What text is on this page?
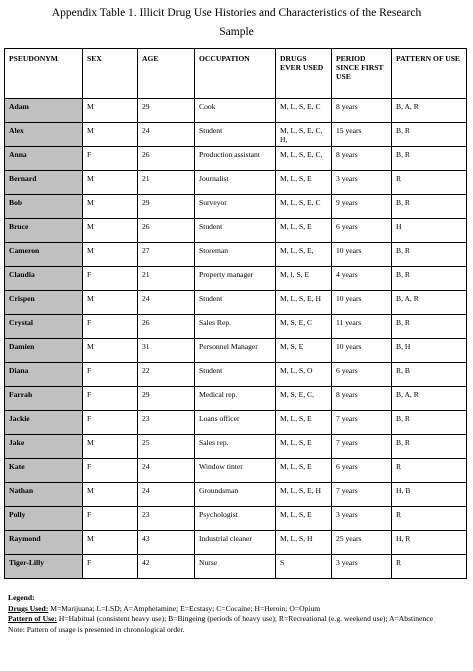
Appendix Table 1. Illicit Drug Use Histories and Characteristics of the Research
Sample
PSEUDONYM	SEX	AGE	OCCUPATION	DRUGS EVER USED	PERIOD SINCE FIRST USE	PATTERN OF USE
Adam	M	29	Cook	M, L, S, E, C	8 years	B, A, R
Alex	M	24	Student	M, L, S, E, C, H,	15 years	B, R
Anna	F	26	Production assistant	M, L, S, E, C,	8 years	B, R
Bernard	M	21	Journalist	M, L, S, E	3 years	R
Bob	M	29	Surveyor	M, L, S, E, C	9 years	B, R
Bruce	M	26	Student	M, L, S, E	6 years	H
Cameron	M	27	Storeman	M, L, S, E,	10 years	B, R
Claudia	F	21	Property manager	M, l, S, E	4 years	B, R
Crispen	M	24	Student	M, L, S, E, H	10 years	B, A, R
Crystal	F	26	Sales Rep.	M, S, E, C	11 years	B, R
Damien	M	31	Personnel Manager	M, S, E	10 years	B, H
Diana	F	22	Student	M, L, S, O	6 years	R, B
Farrah	F	29	Medical rep.	M, S, E, C,	8 years	B, A, R
Jackie	F	23	Loans officer	M, L, S, E	7 years	B, R
Jake	M	25	Sales rep.	M, L, S, E	7 years	B, R
Kate	F	24	Window tinter	M, L, S, E	6 years	R
Nathan	M	24	Groundsman	M, L, S, E, H	7 years	H, B
Polly	F	23	Psychologist	M, L, S, E	3 years	R
Raymond	M	43	Industrial cleaner	M, L, S, H	25 years	H, R
Tiger-Lilly	F	42	Nurse	S	3 years	R
Legend:
Drugs Used: M=Marijuana; L=LSD; A=Amphetamine; E=Ecstasy; C=Cocaine; H=Heroin; O=Opium
Pattern of Use: H=Habitual (consistent heavy use); B=Bingeing (periods of heavy use); R=Recreational (e.g. weekend use); A=Abstinence
Note: Pattern of usage is presented in chronological order.
